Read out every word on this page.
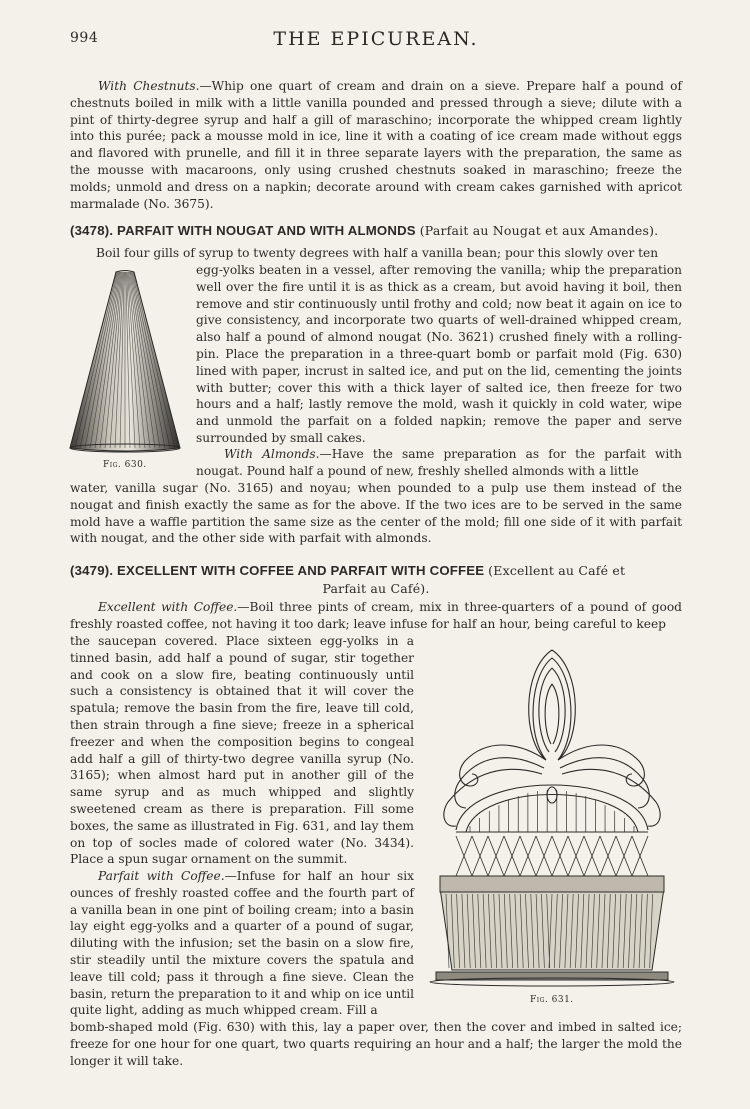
994	THE EPICUREAN.

With Chestnuts.—Whip one quart of cream and drain on a sieve. Prepare half a pound of chestnuts boiled in milk with a little vanilla pounded and pressed through a sieve; dilute with a pint of thirty-degree syrup and half a gill of maraschino; incorporate the whipped cream lightly into this purée; pack a mousse mold in ice, line it with a coating of ice cream made without eggs and flavored with prunelle, and fill it in three separate layers with the preparation, the same as the mousse with macaroons, only using crushed chestnuts soaked in maraschino; freeze the molds; unmold and dress on a napkin; decorate around with cream cakes garnished with apricot marmalade (No. 3675).

(3478). PARFAIT WITH NOUGAT AND WITH ALMONDS (Parfait au Nougat et aux Amandes).

Boil four gills of syrup to twenty degrees with half a vanilla bean; pour this slowly over ten

Fig. 630.

egg-yolks beaten in a vessel, after removing the vanilla; whip the preparation well over the fire until it is as thick as a cream, but avoid having it boil, then remove and stir continuously until frothy and cold; now beat it again on ice to give consistency, and incorporate two quarts of well-drained whipped cream, also half a pound of almond nougat (No. 3621) crushed finely with a rolling-pin. Place the preparation in a three-quart bomb or parfait mold (Fig. 630) lined with paper, incrust in salted ice, and put on the lid, cementing the joints with butter; cover this with a thick layer of salted ice, then freeze for two hours and a half; lastly remove the mold, wash it quickly in cold water, wipe and unmold the parfait on a folded napkin; remove the paper and serve surrounded by small cakes.

With Almonds.—Have the same preparation as for the parfait with nougat. Pound half a pound of new, freshly shelled almonds with a little

water, vanilla sugar (No. 3165) and noyau; when pounded to a pulp use them instead of the nougat and finish exactly the same as for the above. If the two ices are to be served in the same mold have a waffle partition the same size as the center of the mold; fill one side of it with parfait with nougat, and the other side with parfait with almonds.

(3479). EXCELLENT WITH COFFEE AND PARFAIT WITH COFFEE (Excellent au Café et
Parfait au Café).

Excellent with Coffee.—Boil three pints of cream, mix in three-quarters of a pound of good freshly roasted coffee, not having it too dark; leave infuse for half an hour, being careful to keep

the saucepan covered. Place sixteen egg-yolks in a tinned basin, add half a pound of sugar, stir together and cook on a slow fire, beating continuously until such a consistency is obtained that it will cover the spatula; remove the basin from the fire, leave till cold, then strain through a fine sieve; freeze in a spherical freezer and when the composition begins to congeal add half a gill of thirty-two degree vanilla syrup (No. 3165); when almost hard put in another gill of the same syrup and as much whipped and slightly sweetened cream as there is preparation. Fill some boxes, the same as illustrated in Fig. 631, and lay them on top of socles made of colored water (No. 3434). Place a spun sugar ornament on the summit.

Parfait with Coffee.—Infuse for half an hour six ounces of freshly roasted coffee and the fourth part of a vanilla bean in one pint of boiling cream; into a basin lay eight egg-yolks and a quarter of a pound of sugar, diluting with the infusion; set the basin on a slow fire, stir steadily until the mixture covers the spatula and leave till cold; pass it through a fine sieve. Clean the basin, return the preparation to it and whip on ice until quite light, adding as much whipped cream. Fill a

Fig. 631.

bomb-shaped mold (Fig. 630) with this, lay a paper over, then the cover and imbed in salted ice; freeze for one hour for one quart, two quarts requiring an hour and a half; the larger the mold the longer it will take.
